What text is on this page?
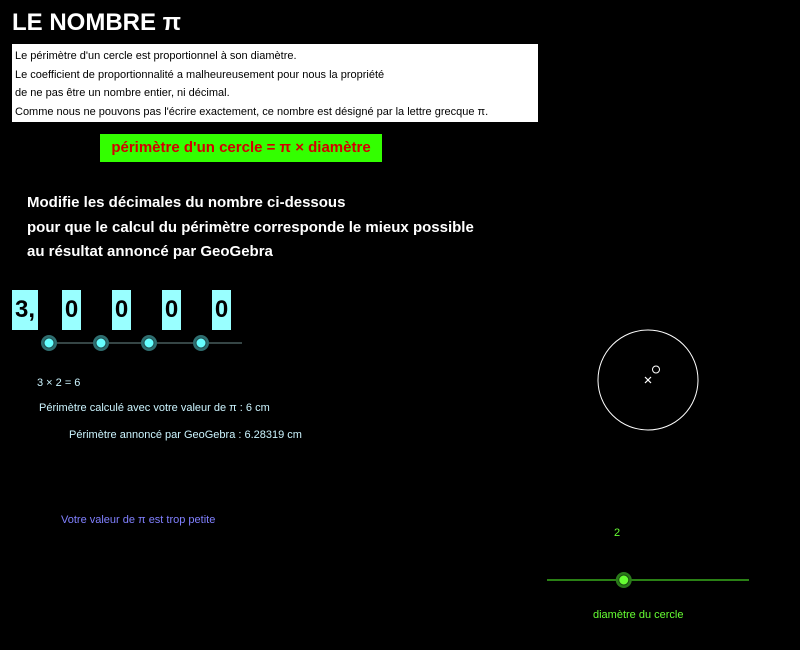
LE NOMBRE π
Le périmètre d'un cercle est proportionnel à son diamètre.
Le coefficient de proportionnalité a malheureusement pour nous la propriété
de ne pas être un nombre entier, ni décimal.
Comme nous ne pouvons pas l'écrire exactement, ce nombre est désigné par la lettre grecque π.
périmètre d'un cercle = π × diamètre
Modifie les décimales du nombre ci-dessous
pour que le calcul du périmètre corresponde le mieux possible
au résultat annoncé par GeoGebra
3, 0 0 0 0
3 × 2 = 6
Périmètre calculé avec votre valeur de π : 6 cm
Périmètre annoncé par GeoGebra : 6.28319 cm
Votre valeur de π est trop petite
2
diamètre du cercle
